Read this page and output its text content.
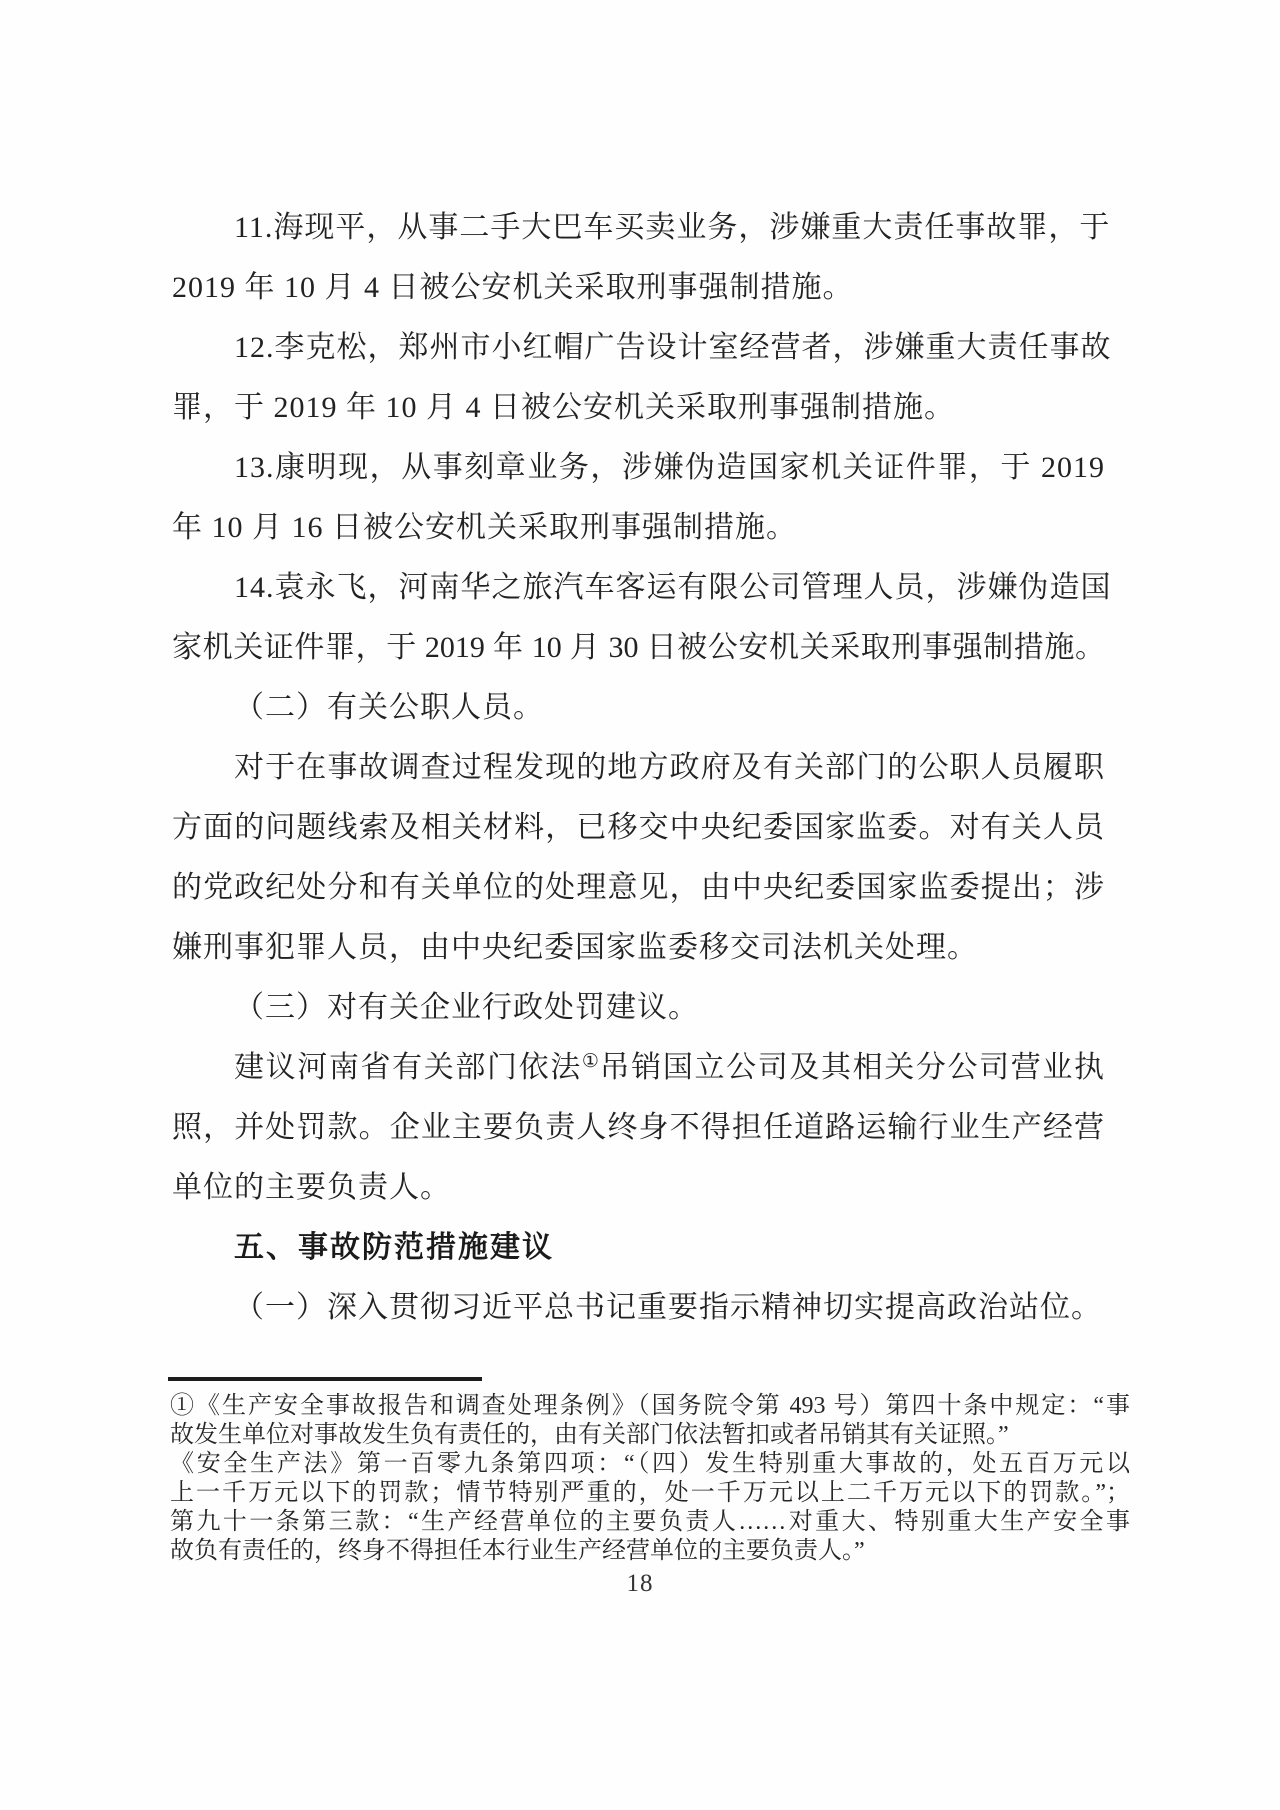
11.海现平，从事二手大巴车买卖业务，涉嫌重大责任事故罪，于
2019 年 10 月 4 日被公安机关采取刑事强制措施。
12.李克松，郑州市小红帽广告设计室经营者，涉嫌重大责任事故
罪，于 2019 年 10 月 4 日被公安机关采取刑事强制措施。
13.康明现，从事刻章业务，涉嫌伪造国家机关证件罪，于 2019
年 10 月 16 日被公安机关采取刑事强制措施。
14.袁永飞，河南华之旅汽车客运有限公司管理人员，涉嫌伪造国
家机关证件罪，于 2019 年 10 月 30 日被公安机关采取刑事强制措施。
（二）有关公职人员。
对于在事故调查过程发现的地方政府及有关部门的公职人员履职
方面的问题线索及相关材料，已移交中央纪委国家监委。对有关人员
的党政纪处分和有关单位的处理意见，由中央纪委国家监委提出；涉
嫌刑事犯罪人员，由中央纪委国家监委移交司法机关处理。
（三）对有关企业行政处罚建议。
建议河南省有关部门依法①吊销国立公司及其相关分公司营业执
照，并处罚款。企业主要负责人终身不得担任道路运输行业生产经营
单位的主要负责人。
五、事故防范措施建议
（一）深入贯彻习近平总书记重要指示精神切实提高政治站位。
①《生产安全事故报告和调查处理条例》（国务院令第 493 号）第四十条中规定：“事
故发生单位对事故发生负有责任的，由有关部门依法暂扣或者吊销其有关证照。”
《安全生产法》第一百零九条第四项：“（四）发生特别重大事故的，处五百万元以
上一千万元以下的罚款；情节特别严重的，处一千万元以上二千万元以下的罚款。”；
第九十一条第三款：“生产经营单位的主要负责人……对重大、特别重大生产安全事
故负有责任的，终身不得担任本行业生产经营单位的主要负责人。”
18
